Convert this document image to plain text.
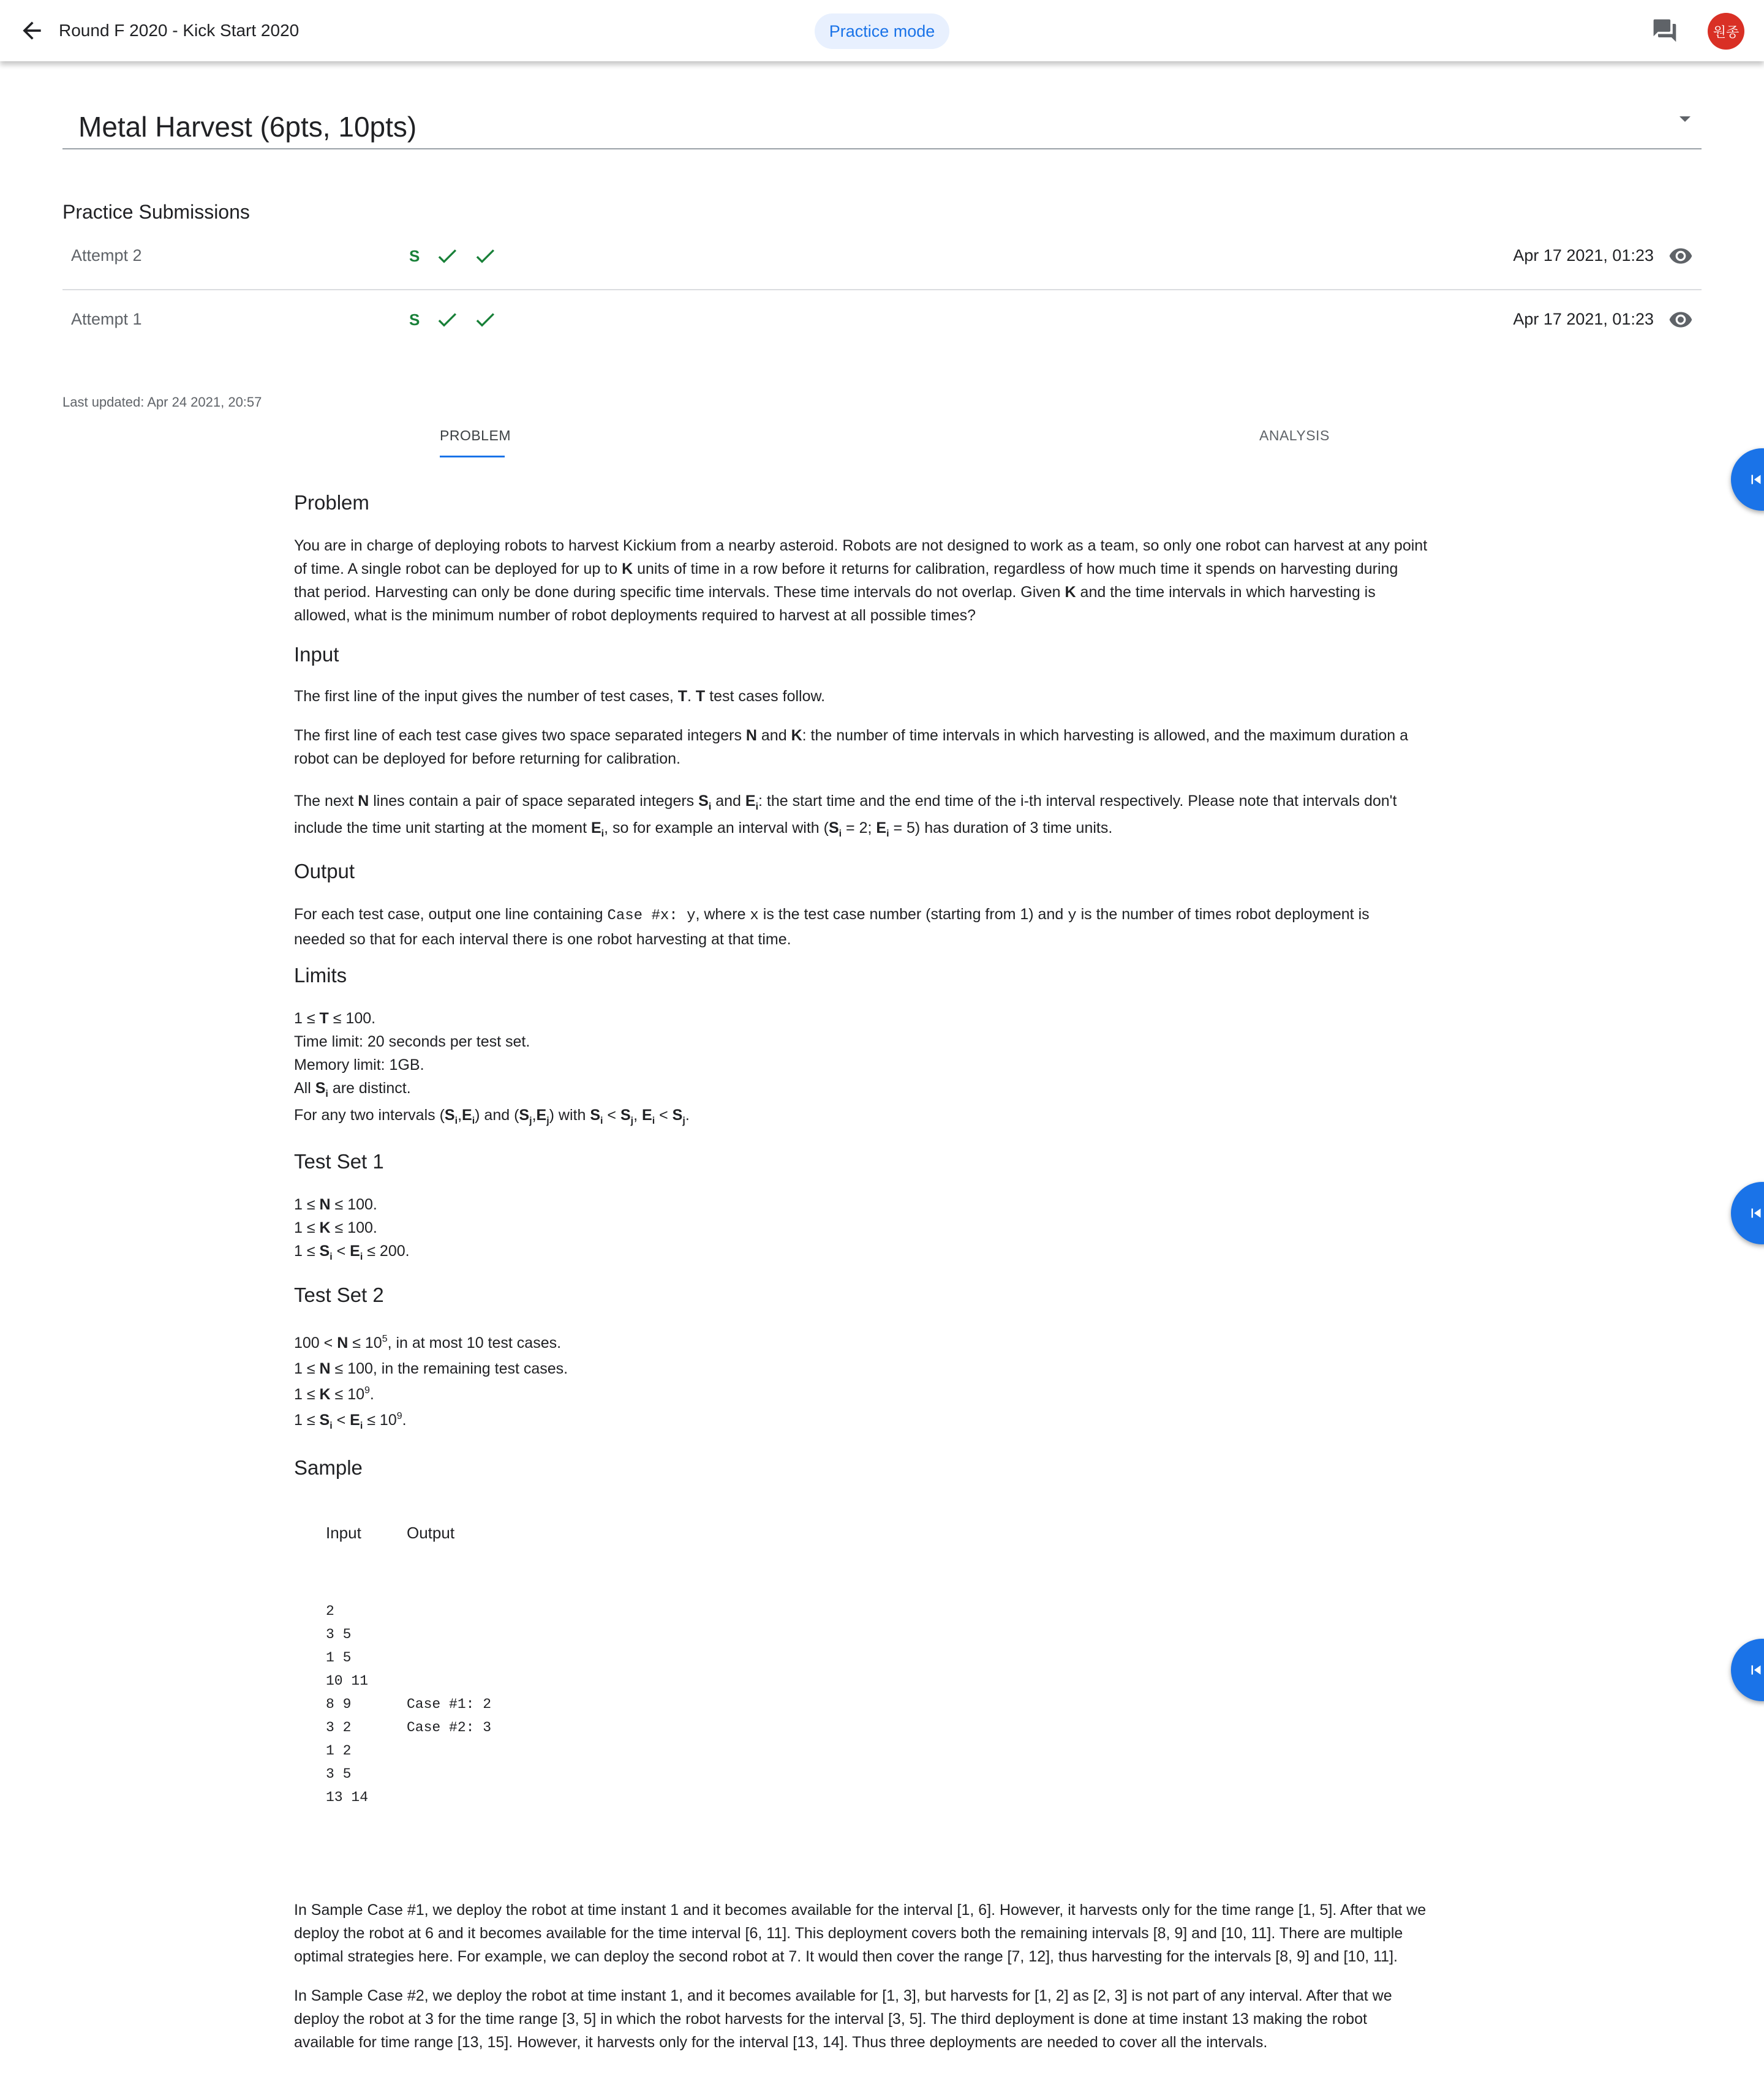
Round F 2020 - Kick Start 2020	Practice mode	원종
Metal Harvest (6pts, 10pts)
Practice Submissions
Attempt 2	S	Apr 17 2021, 01:23
Attempt 1	S	Apr 17 2021, 01:23
Last updated: Apr 24 2021, 20:57
PROBLEM	ANALYSIS
Problem
You are in charge of deploying robots to harvest Kickium from a nearby asteroid. Robots are not designed to work as a team, so only one robot can harvest at any point
of time. A single robot can be deployed for up to K units of time in a row before it returns for calibration, regardless of how much time it spends on harvesting during
that period. Harvesting can only be done during specific time intervals. These time intervals do not overlap. Given K and the time intervals in which harvesting is
allowed, what is the minimum number of robot deployments required to harvest at all possible times?
Input
The first line of the input gives the number of test cases, T. T test cases follow.
The first line of each test case gives two space separated integers N and K: the number of time intervals in which harvesting is allowed, and the maximum duration a
robot can be deployed for before returning for calibration.
The next N lines contain a pair of space separated integers $S_i$ and $E_i$: the start time and the end time of the i-th interval respectively. Please note that intervals don't
include the time unit starting at the moment $E_i$, so for example an interval with ($S_i = 2$; $E_i = 5$) has duration of 3 time units.
Output
For each test case, output one line containing Case #x: y, where x is the test case number (starting from 1) and y is the number of times robot deployment is
needed so that for each interval there is one robot harvesting at that time.
Limits
1 ≤ T ≤ 100.
Time limit: 20 seconds per test set.
Memory limit: 1GB.
All $S_i$ are distinct.
For any two intervals $(S_i,E_i)$ and $(S_j,E_j)$ with $S_i < S_j$, $E_i < S_j$.
Test Set 1
1 ≤ N ≤ 100.
1 ≤ K ≤ 100.
$1 \le S_i < E_i \le 200$.
Test Set 2
$100 < N \le 10^5$, in at most 10 test cases.
1 ≤ N ≤ 100, in the remaining test cases.
$1 \le K \le 10^9$.
$1 \le S_i < E_i \le 10^9$.
Sample
Input	Output
2
3 5
1 5
10 11
8 9
3 2
1 2
3 5
13 14
Case #1: 2
Case #2: 3
In Sample Case #1, we deploy the robot at time instant 1 and it becomes available for the interval [1, 6]. However, it harvests only for the time range [1, 5]. After that we
deploy the robot at 6 and it becomes available for the time interval [6, 11]. This deployment covers both the remaining intervals [8, 9] and [10, 11]. There are multiple
optimal strategies here. For example, we can deploy the second robot at 7. It would then cover the range [7, 12], thus harvesting for the intervals [8, 9] and [10, 11].
In Sample Case #2, we deploy the robot at time instant 1, and it becomes available for [1, 3], but harvests for [1, 2] as [2, 3] is not part of any interval. After that we
deploy the robot at 3 for the time range [3, 5] in which the robot harvests for the interval [3, 5]. The third deployment is done at time instant 13 making the robot
available for time range [13, 15]. However, it harvests only for the interval [13, 14]. Thus three deployments are needed to cover all the intervals.
